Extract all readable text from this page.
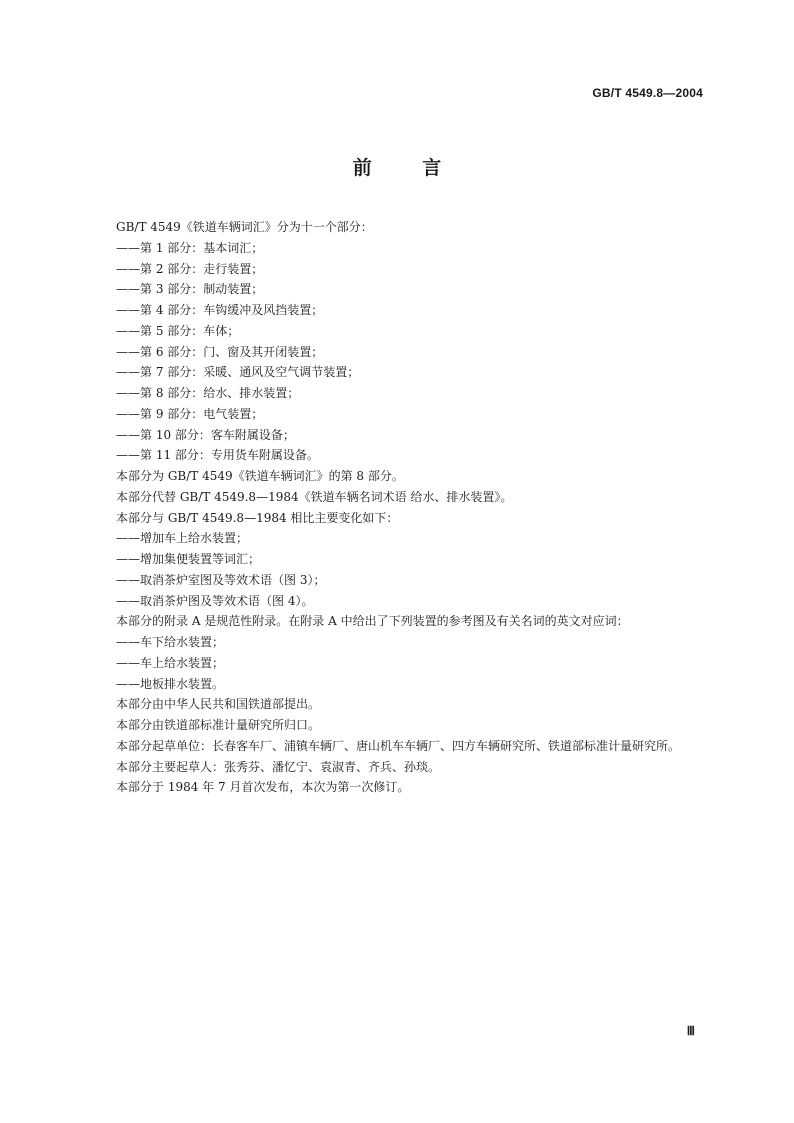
GB/T 4549.8—2004
前 言

GB/T 4549《铁道车辆词汇》分为十一个部分：

——第 1 部分：基本词汇；

——第 2 部分：走行装置；

——第 3 部分：制动装置；

——第 4 部分：车钩缓冲及风挡装置；

——第 5 部分：车体；

——第 6 部分：门、窗及其开闭装置；

——第 7 部分：采暖、通风及空气调节装置；

——第 8 部分：给水、排水装置；

——第 9 部分：电气装置；

——第 10 部分：客车附属设备；

——第 11 部分：专用货车附属设备。

本部分为 GB/T 4549《铁道车辆词汇》的第 8 部分。

本部分代替 GB/T 4549.8—1984《铁道车辆名词术语 给水、排水装置》。

本部分与 GB/T 4549.8—1984 相比主要变化如下：

——增加车上给水装置；

——增加集便装置等词汇；

——取消茶炉室图及等效术语（图 3）；

——取消茶炉图及等效术语（图 4）。

本部分的附录 A 是规范性附录。在附录 A 中给出了下列装置的参考图及有关名词的英文对应词：

——车下给水装置；

——车上给水装置；

——地板排水装置。

本部分由中华人民共和国铁道部提出。

本部分由铁道部标准计量研究所归口。

本部分起草单位：长春客车厂、浦镇车辆厂、唐山机车车辆厂、四方车辆研究所、铁道部标准计量研究所。

本部分主要起草人：张秀芬、潘忆宁、袁淑青、齐兵、孙琰。

本部分于 1984 年 7 月首次发布，本次为第一次修订。

Ⅲ
